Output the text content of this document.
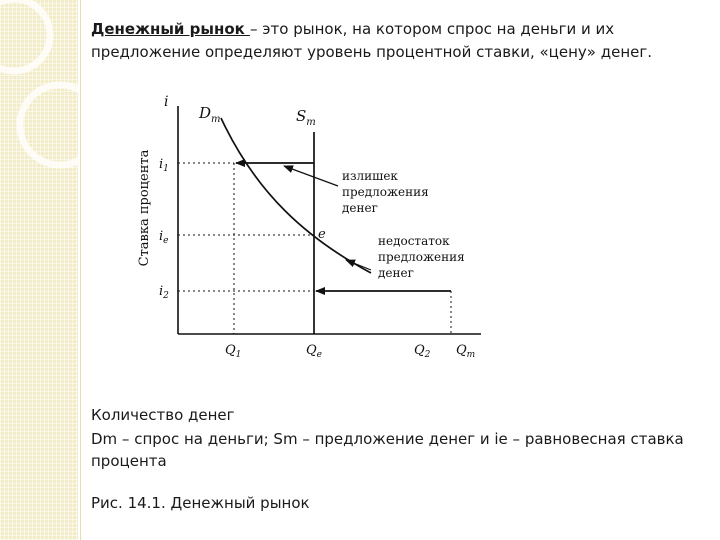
Денежный рынок – это рынок, на котором спрос на деньги и их предложение определяют уровень процентной ставки, «цену» денег.
Ставка процента
i
$D_m$	$S_m$
$i_1$
$i_e$
$i_2$
$Q_1$	$Q_e$	$Q_2$ $Q_m$
e
излишек
предложения
денег
недостаток
предложения
денег
Количество денег
Dm – спрос на деньги; Sm – предложение денег и ie – равновесная ставка процента
Рис. 14.1. Денежный рынок
